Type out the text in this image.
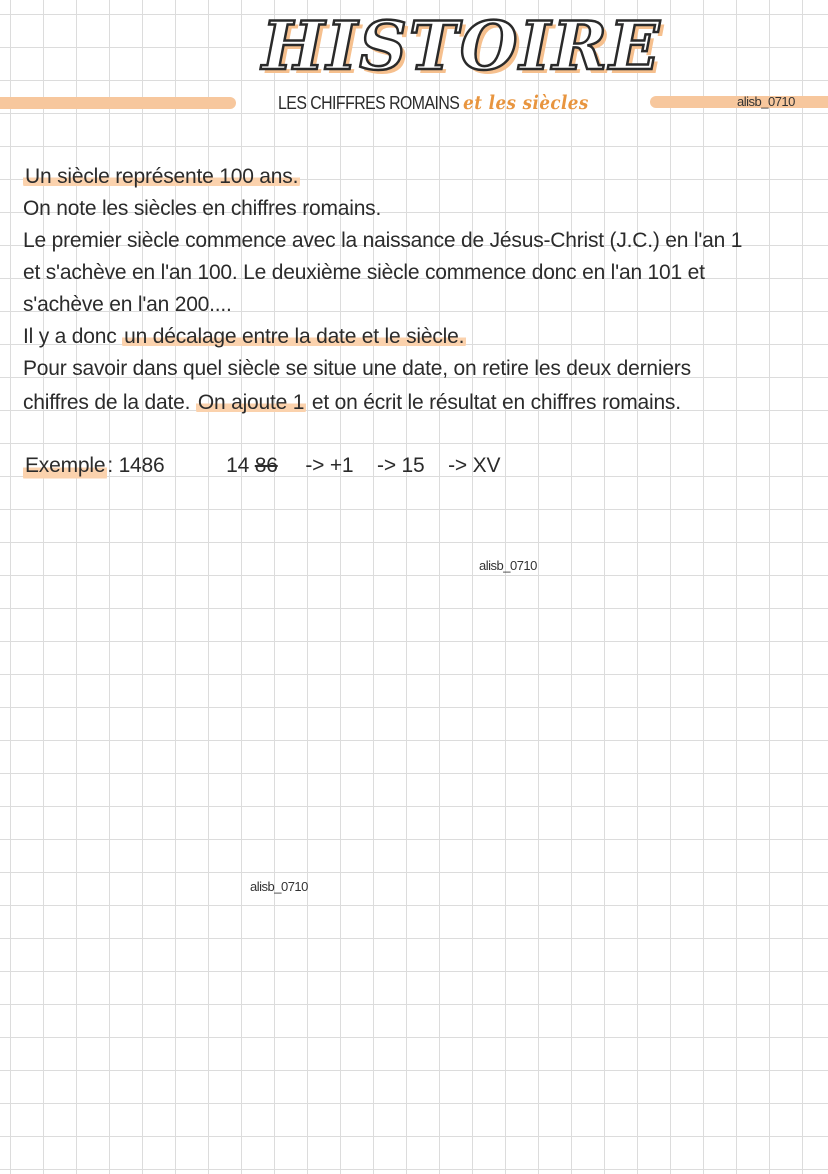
HISTOIRE
LES CHIFFRES ROMAINS et les siècles	alisb_0710
Un siècle représente 100 ans.
On note les siècles en chiffres romains.
Le premier siècle commence avec la naissance de Jésus-Christ (J.C.) en l'an 1
et s'achève en l'an 100. Le deuxième siècle commence donc en l'an 101 et
s'achève en l'an 200....
Il y a donc un décalage entre la date et le siècle.
Pour savoir dans quel siècle se situe une date, on retire les deux derniers
chiffres de la date. On ajoute 1 et on écrit le résultat en chiffres romains.
Exemple: 1486	14 86 -> +1 -> 15 -> XV
alisb_0710
alisb_0710
